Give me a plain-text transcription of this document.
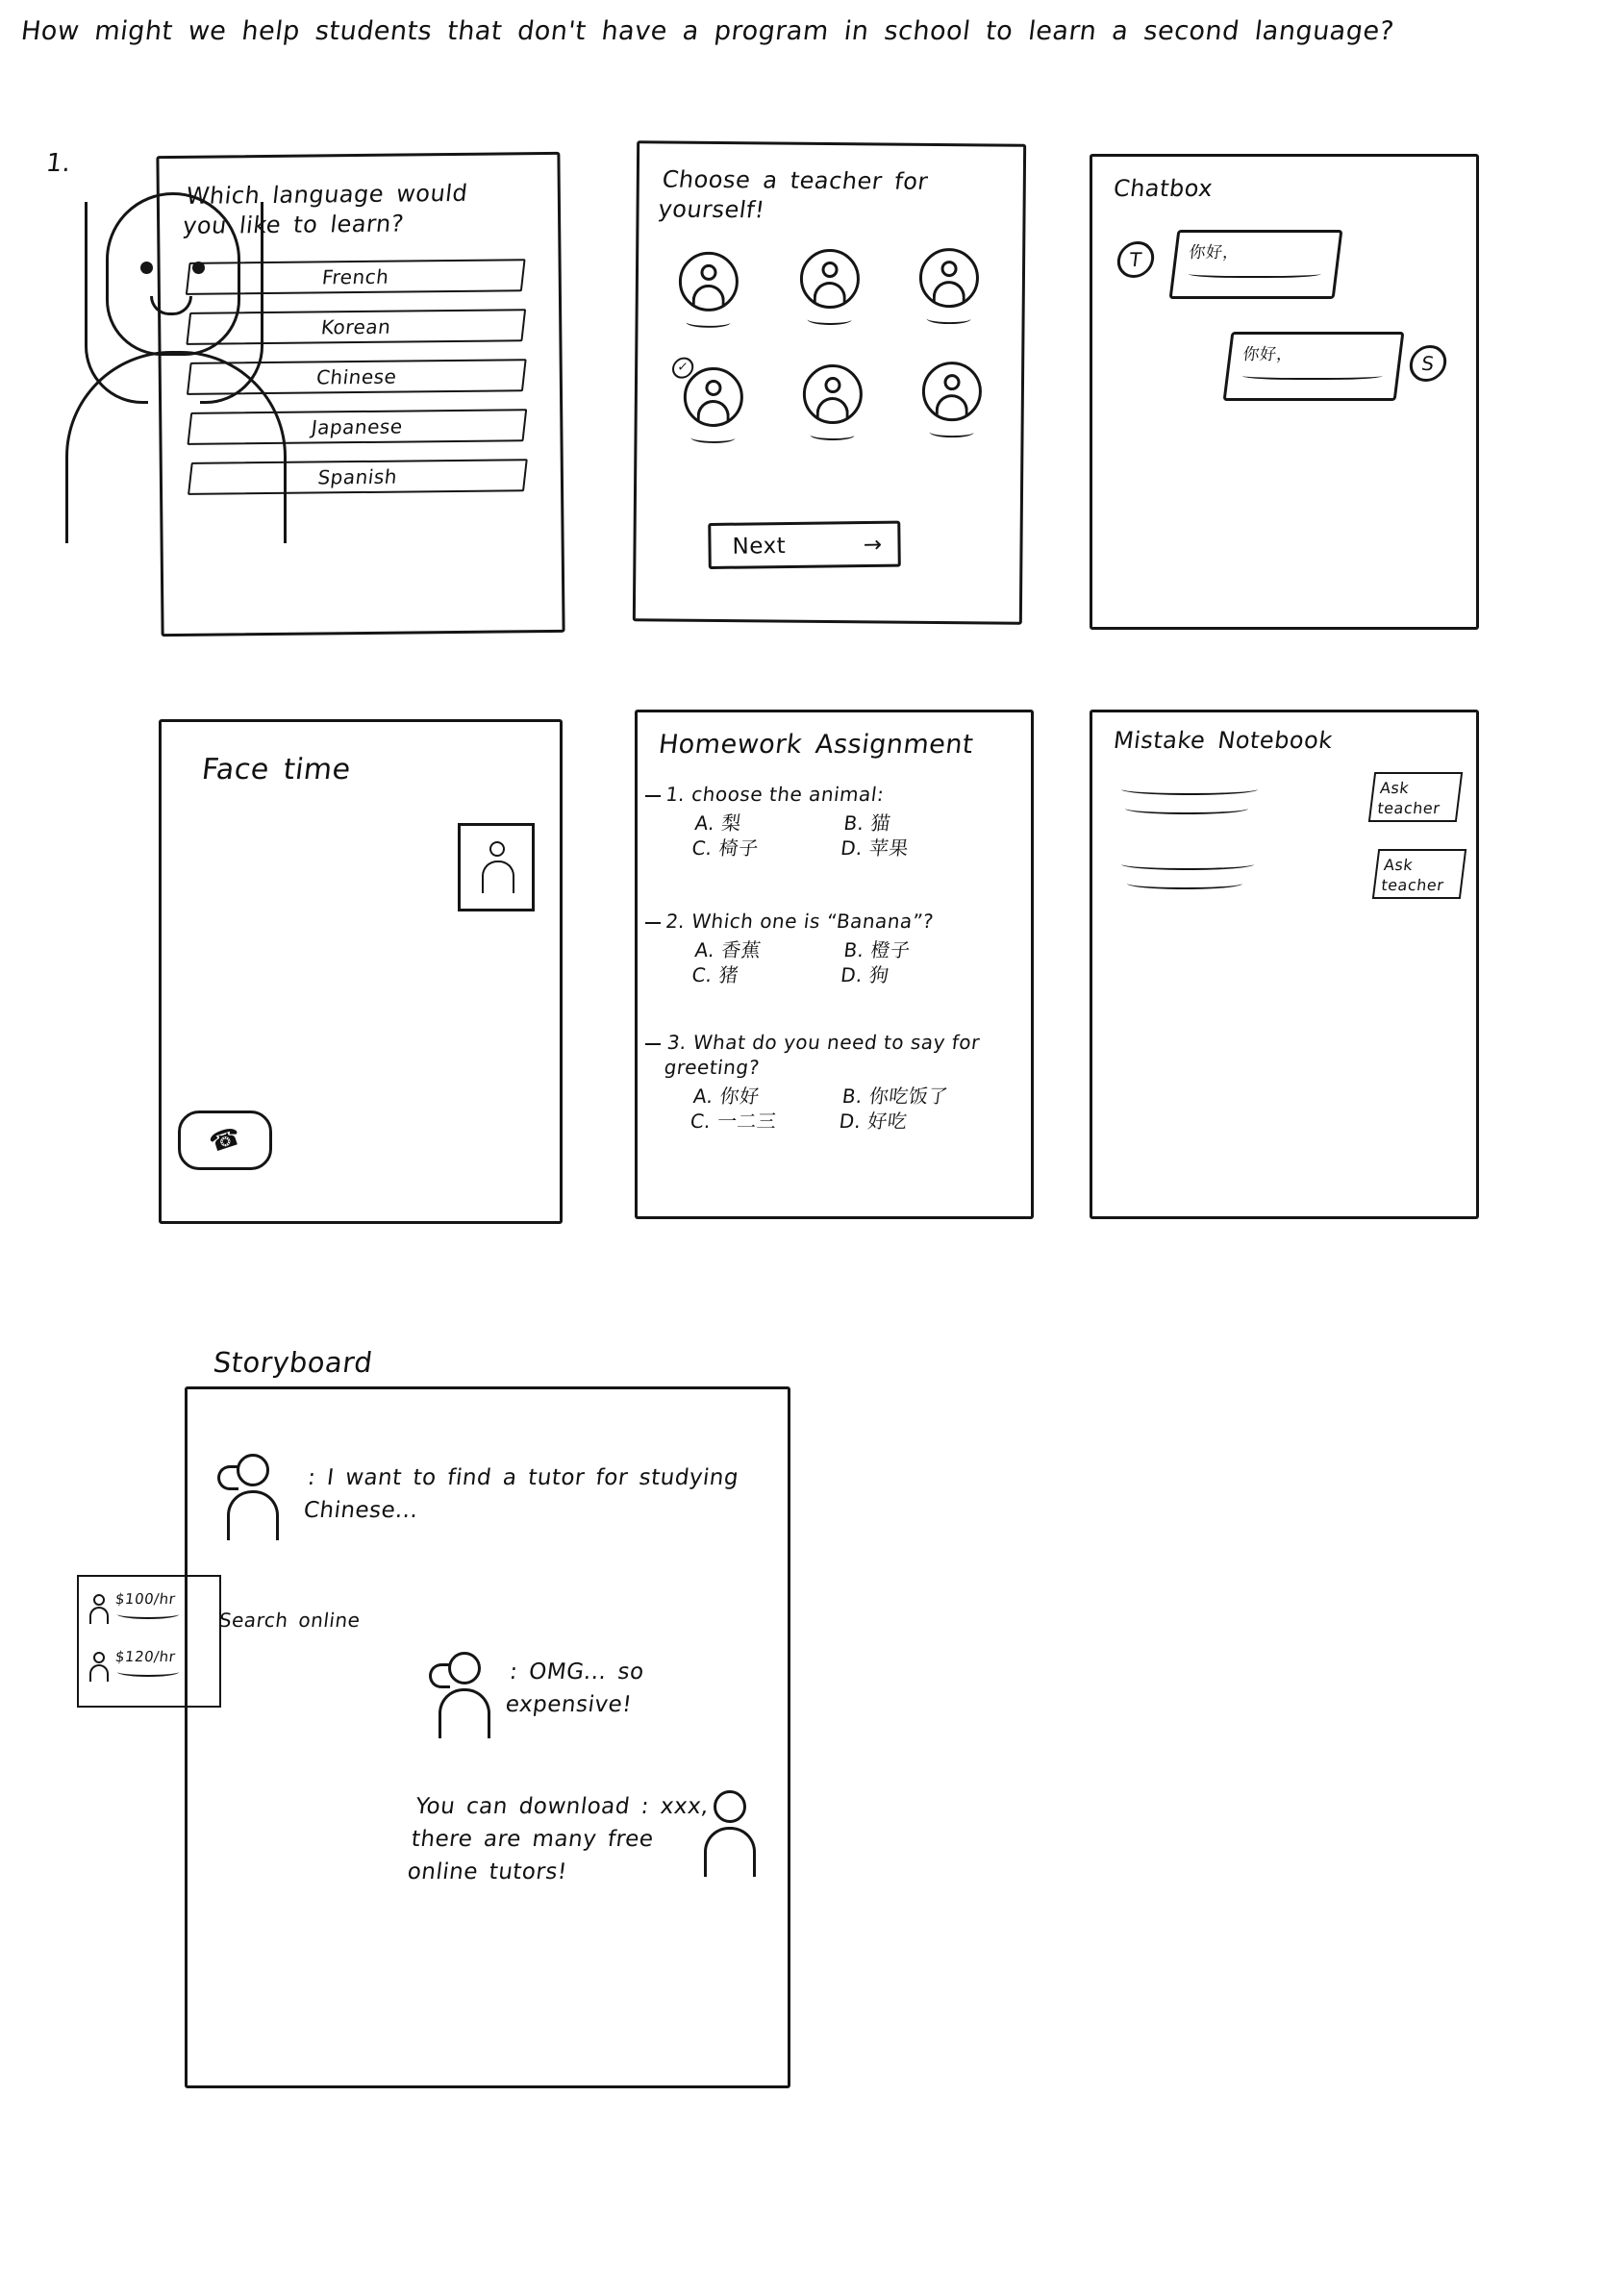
How might we help students that don't have a program in school to learn a second language?
1.
Which language would you like to learn?
French
Korean
Chinese
Japanese
Spanish
Choose a teacher for yourself!
✓
Next	→
Chatbox
T	你好，
你好，	S
Face time
☎
Homework Assignment
1. choose the animal:
A. 梨	B. 猫
C. 椅子	D. 苹果
2. Which one is “Banana”?
A. 香蕉	B. 橙子
C. 猪	D. 狗
3. What do you need to say for greeting?
A. 你好	B. 你吃饭了
C. 一二三	D. 好吃
Mistake Notebook
Ask
teacher
Ask
teacher
Storyboard
: I want to find a tutor for studying Chinese...
Search online
$100/hr
$120/hr
: OMG... so expensive!
You can download : xxx, there are many free online tutors!
